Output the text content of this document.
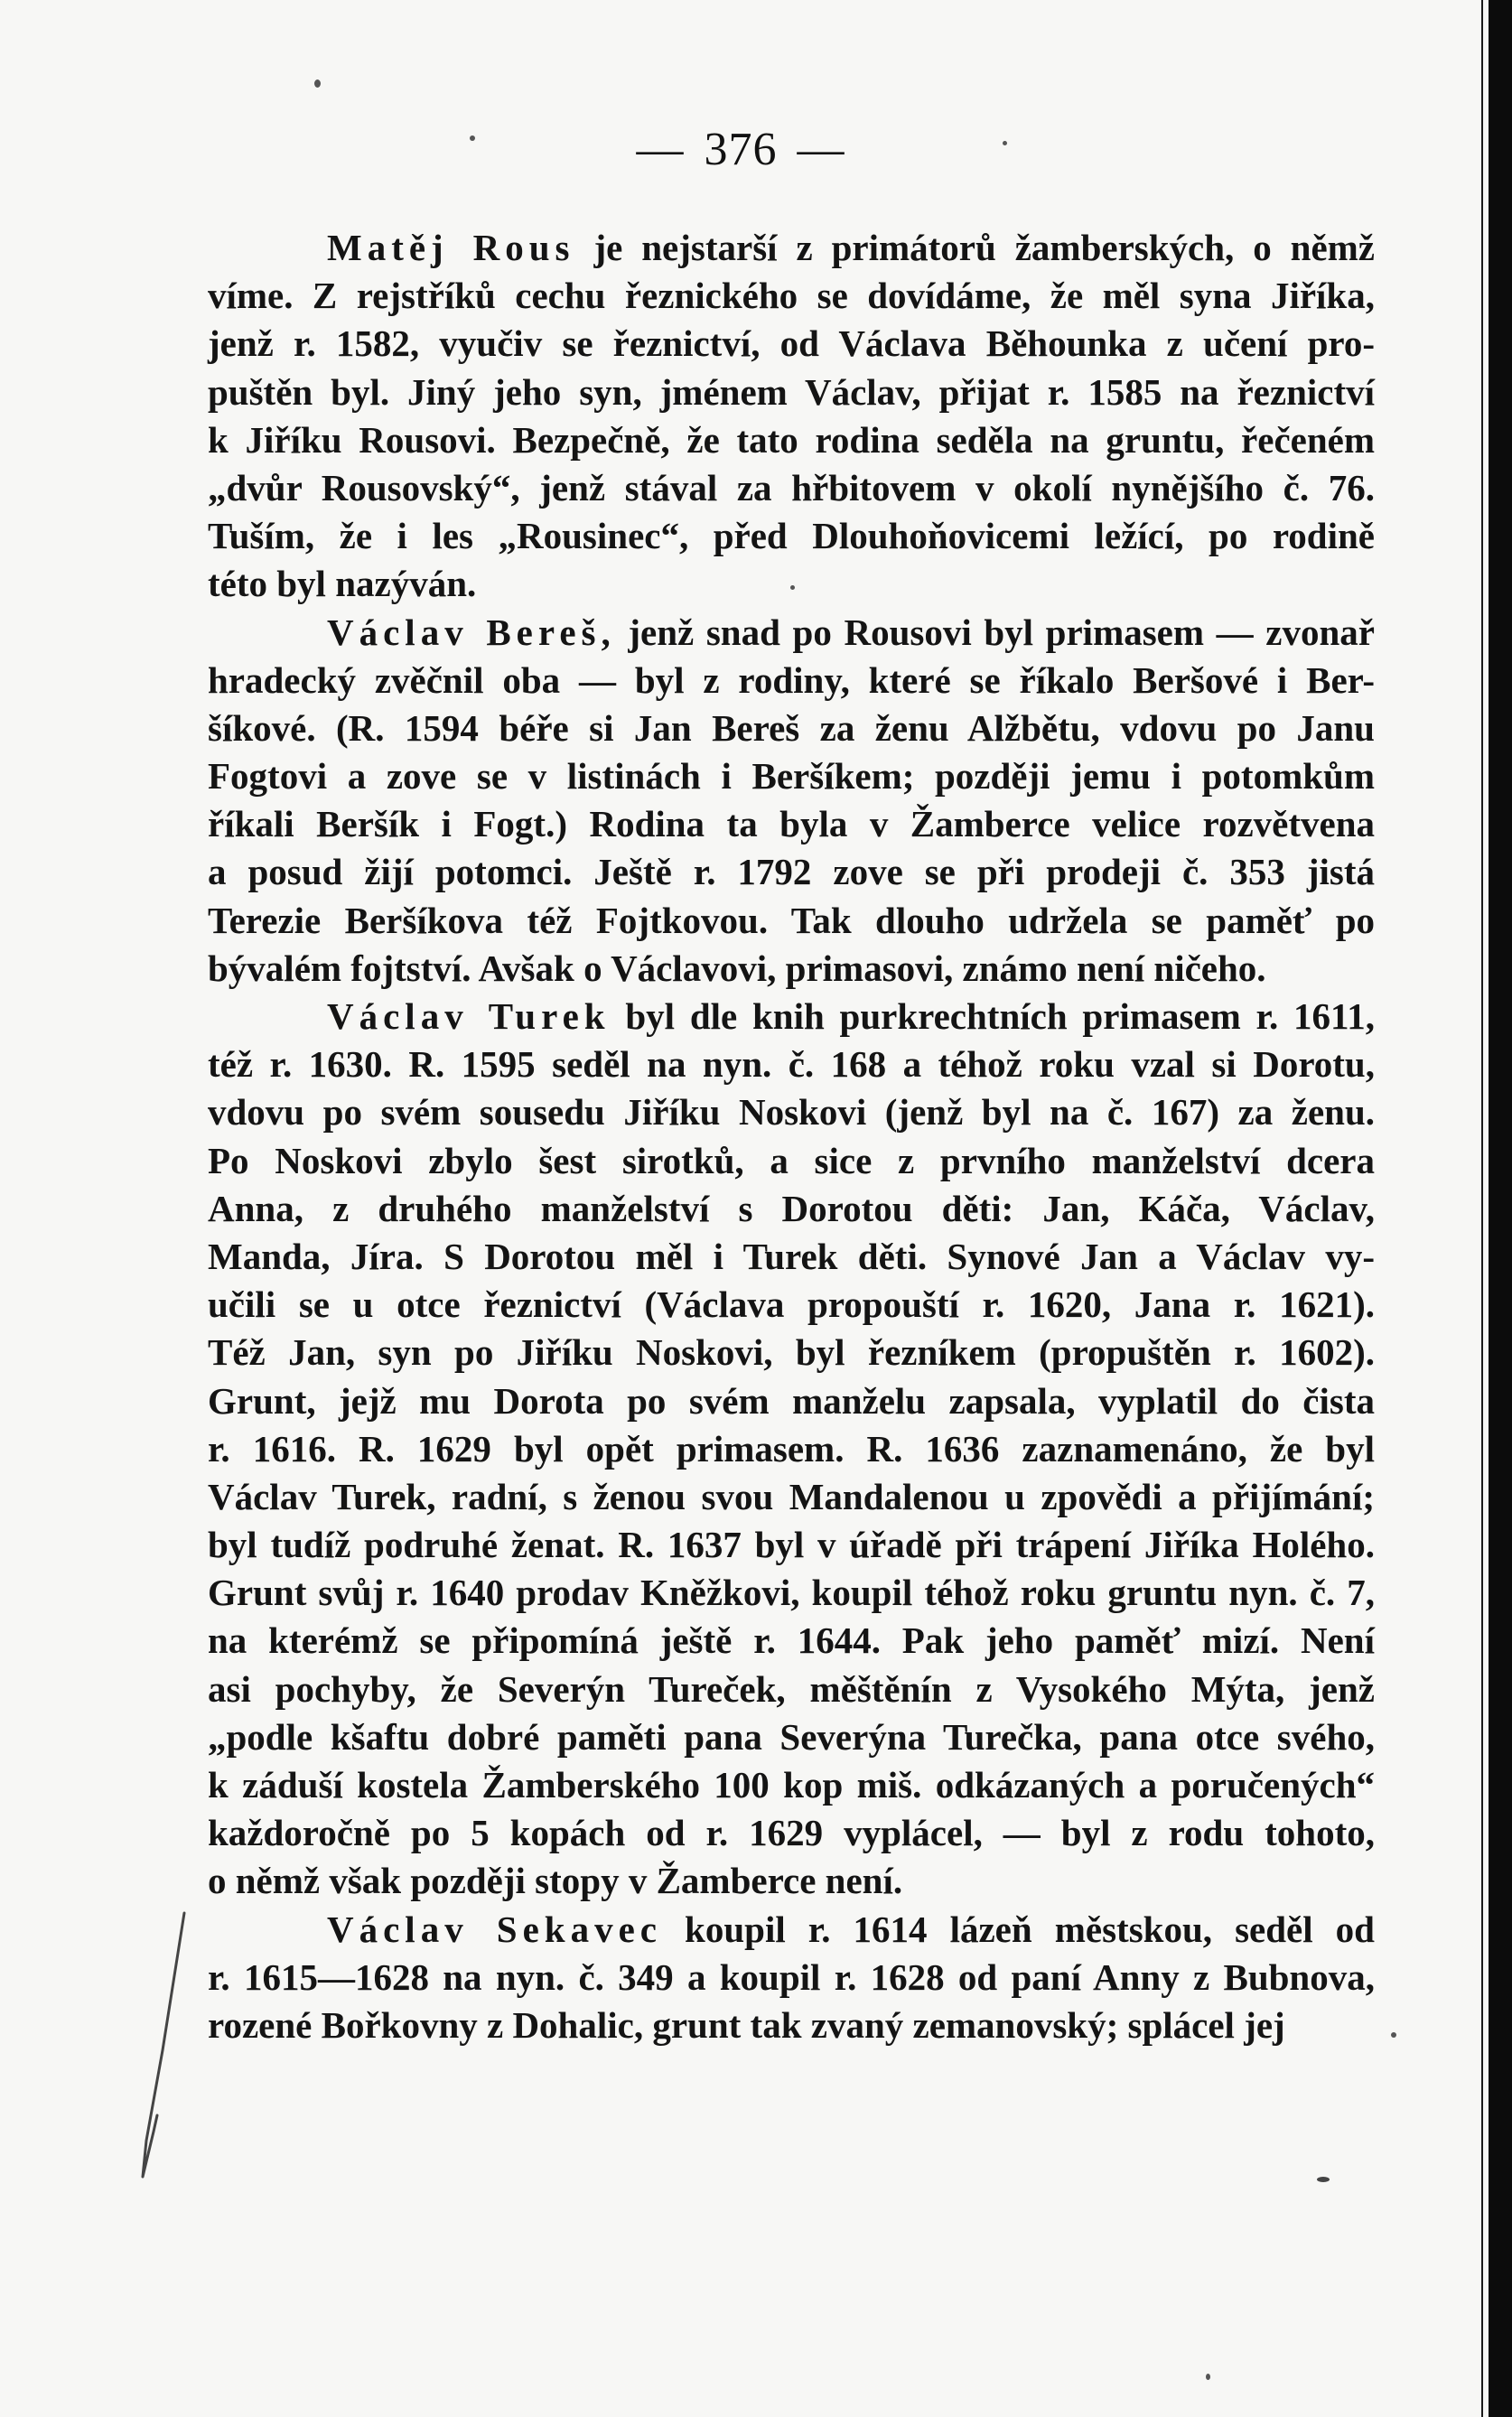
— 376 —
Matěj Rous je nejstarší z primátorů žamberských, o němž
víme. Z rejstříků cechu řeznického se dovídáme, že měl syna Jiříka,
jenž r. 1582, vyučiv se řeznictví, od Václava Běhounka z učení pro-
puštěn byl. Jiný jeho syn, jménem Václav, přijat r. 1585 na řeznictví
k Jiříku Rousovi. Bezpečně, že tato rodina seděla na gruntu, řečeném
„dvůr Rousovský“, jenž stával za hřbitovem v okolí nynějšího č. 76.
Tuším, že i les „Rousinec“, před Dlouhoňovicemi ležící, po rodině
této byl nazýván.
Václav Bereš, jenž snad po Rousovi byl primasem — zvonař
hradecký zvěčnil oba — byl z rodiny, které se říkalo Beršové i Ber-
šíkové. (R. 1594 béře si Jan Bereš za ženu Alžbětu, vdovu po Janu
Fogtovi a zove se v listinách i Beršíkem; později jemu i potomkům
říkali Beršík i Fogt.) Rodina ta byla v Žamberce velice rozvětvena
a posud žijí potomci. Ještě r. 1792 zove se při prodeji č. 353 jistá
Terezie Beršíkova též Fojtkovou. Tak dlouho udržela se paměť po
bývalém fojtství. Avšak o Václavovi, primasovi, známo není ničeho.
Václav Turek byl dle knih purkrechtních primasem r. 1611,
též r. 1630. R. 1595 seděl na nyn. č. 168 a téhož roku vzal si Dorotu,
vdovu po svém sousedu Jiříku Noskovi (jenž byl na č. 167) za ženu.
Po Noskovi zbylo šest sirotků, a sice z prvního manželství dcera
Anna, z druhého manželství s Dorotou děti: Jan, Káča, Václav,
Manda, Jíra. S Dorotou měl i Turek děti. Synové Jan a Václav vy-
učili se u otce řeznictví (Václava propouští r. 1620, Jana r. 1621).
Též Jan, syn po Jiříku Noskovi, byl řezníkem (propuštěn r. 1602).
Grunt, jejž mu Dorota po svém manželu zapsala, vyplatil do čista
r. 1616. R. 1629 byl opět primasem. R. 1636 zaznamenáno, že byl
Václav Turek, radní, s ženou svou Mandalenou u zpovědi a přijímání;
byl tudíž podruhé ženat. R. 1637 byl v úřadě při trápení Jiříka Holého.
Grunt svůj r. 1640 prodav Kněžkovi, koupil téhož roku gruntu nyn. č. 7,
na kterémž se připomíná ještě r. 1644. Pak jeho paměť mizí. Není
asi pochyby, že Severýn Tureček, měštěnín z Vysokého Mýta, jenž
„podle kšaftu dobré paměti pana Severýna Turečka, pana otce svého,
k záduší kostela Žamberského 100 kop miš. odkázaných a poručených“
každoročně po 5 kopách od r. 1629 vyplácel, — byl z rodu tohoto,
o němž však později stopy v Žamberce není.
Václav Sekavec koupil r. 1614 lázeň městskou, seděl od
r. 1615—1628 na nyn. č. 349 a koupil r. 1628 od paní Anny z Bubnova,
rozené Bořkovny z Dohalic, grunt tak zvaný zemanovský; splácel jej
